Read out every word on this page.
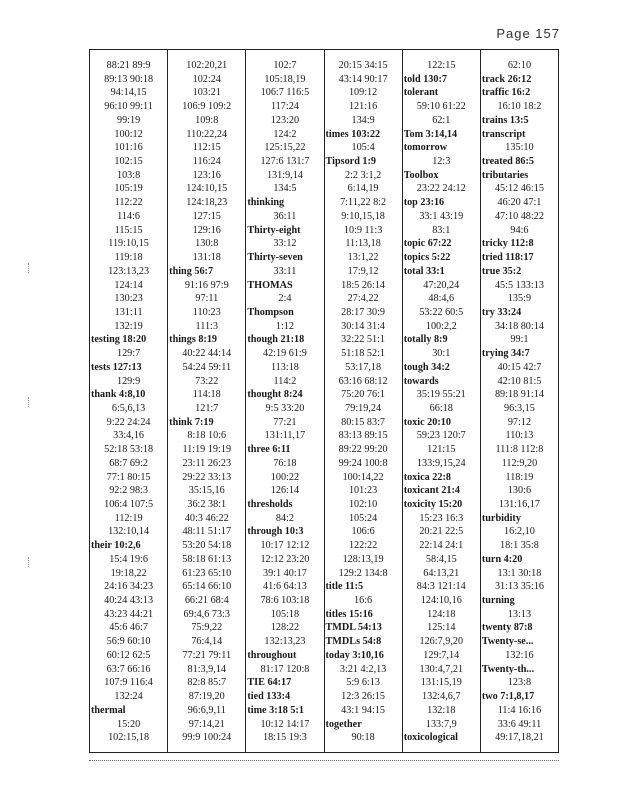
Page 157
88:21 89:9
89:13 90:18
94:14,15
96:10 99:11
99:19
100:12
101:16
102:15
103:8
105:19
112:22
114:6
115:15
119:10,15
119:18
123:13,23
124:14
130:23
131:11
132:19
testing 18:20
129:7
tests 127:13
129:9
thank 4:8,10
6:5,6,13
9:22 24:24
33:4,16
52:18 53:18
68:7 69:2
77:1 80:15
92:2 98:3
106:4 107:5
112:19
132:10,14
their 10:2,6
15:4 19:6
19:18,22
24:16 34:23
40:24 43:13
43:23 44:21
45:6 46:7
56:9 60:10
60:12 62:5
63:7 66:16
107:9 116:4
132:24
thermal
15:20
102:15,18
102:20,21
102:24
103:21
106:9 109:2
109:8
110:22,24
112:15
116:24
123:16
124:10,15
124:18,23
127:15
129:16
130:8
131:18
thing 56:7
91:16 97:9
97:11
110:23
111:3
things 8:19
40:22 44:14
54:24 59:11
73:22
114:18
121:7
think 7:19
8:18 10:6
11:19 19:19
23:11 26:23
29:22 33:13
35:15,16
36:2 38:1
40:3 46:22
48:11 51:17
53:20 54:18
58:18 61:13
61:23 65:10
65:14 66:10
66:21 68:4
69:4,6 73:3
75:9,22
76:4,14
77:21 79:11
81:3,9,14
82:8 85:7
87:19,20
96:6,9,11
97:14,21
99:9 100:24
102:7
105:18,19
106:7 116:5
117:24
123:20
124:2
125:15,22
127:6 131:7
131:9,14
134:5
thinking
36:11
Thirty-eight
33:12
Thirty-seven
33:11
THOMAS
2:4
Thompson
1:12
though 21:18
42:19 61:9
113:18
114:2
thought 8:24
9:5 33:20
77:21
131:11,17
three 6:11
76:18
100:22
126:14
thresholds
84:2
through 10:3
10:17 12:12
12:12 23:20
39:1 40:17
41:6 64:13
78:6 103:18
105:18
128:22
132:13,23
throughout
81:17 120:8
TIE 64:17
tied 133:4
time 3:18 5:1
10:12 14:17
18:15 19:3
20:15 34:15
43:14 90:17
109:12
121:16
134:9
times 103:22
105:4
Tipsord 1:9
2:2 3:1,2
6:14,19
7:11,22 8:2
9:10,15,18
10:9 11:3
11:13,18
13:1,22
17:9,12
18:5 26:14
27:4,22
28:17 30:9
30:14 31:4
32:22 51:1
51:18 52:1
53:17,18
63:16 68:12
75:20 76:1
79:19,24
80:15 83:7
83:13 89:15
89:22 99:20
99:24 100:8
100:14,22
101:23
102:10
105:24
106:6
122:22
128:13,19
129:2 134:8
title 11:5
16:6
titles 15:16
TMDL 54:13
TMDLs 54:8
today 3:10,16
3:21 4:2,13
5:9 6:13
12:3 26:15
43:1 94:15
together
90:18
122:15
told 130:7
tolerant
59:10 61:22
62:1
Tom 3:14,14
tomorrow
12:3
Toolbox
23:22 24:12
top 23:16
33:1 43:19
83:1
topic 67:22
topics 5:22
total 33:1
47:20,24
48:4,6
53:22 60:5
100:2,2
totally 8:9
30:1
tough 34:2
towards
35:19 55:21
66:18
toxic 20:10
59:23 120:7
121:15
133:9,15,24
toxica 22:8
toxicant 21:4
toxicity 15:20
15:23 16:3
20:21 22:5
22:14 24:1
58:4,15
64:13,21
84:3 121:14
124:10,16
124:18
125:14
126:7,9,20
129:7,14
130:4,7,21
131:15,19
132:4,6,7
132:18
133:7,9
toxicological
62:10
track 26:12
traffic 16:2
16:10 18:2
trains 13:5
transcript
135:10
treated 86:5
tributaries
45:12 46:15
46:20 47:1
47:10 48:22
94:6
tricky 112:8
tried 118:17
true 35:2
45:5 133:13
135:9
try 33:24
34:18 80:14
99:1
trying 34:7
40:15 42:7
42:10 81:5
89:18 91:14
96:3,15
97:12
110:13
111:8 112:8
112:9,20
118:19
130:6
131:16,17
turbidity
16:2,10
18:1 35:8
turn 4:20
13:1 30:18
31:13 35:16
turning
13:13
twenty 87:8
Twenty-se...
132:16
Twenty-th...
123:8
two 7:1,8,17
11:4 16:16
33:6 49:11
49:17,18,21
